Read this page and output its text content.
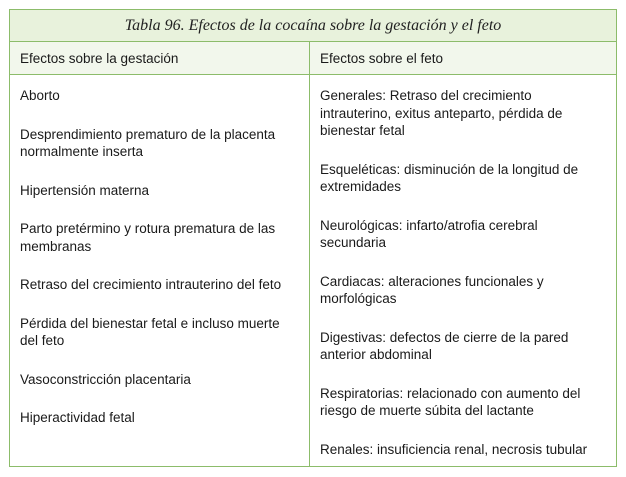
Tabla 96. Efectos de la cocaína sobre la gestación y el feto
Efectos sobre la gestación	Efectos sobre el feto

Aborto

Desprendimiento prematuro de la placenta normalmente inserta

Hipertensión materna

Parto pretérmino y rotura prematura de las membranas

Retraso del crecimiento intrauterino del feto

Pérdida del bienestar fetal e incluso muerte del feto

Vasoconstricción placentaria

Hiperactividad fetal

Generales: Retraso del crecimiento intrauterino, exitus anteparto, pérdida de bienestar fetal

Esqueléticas: disminución de la longitud de extremidades

Neurológicas: infarto/atrofia cerebral secundaria

Cardiacas: alteraciones funcionales y morfológicas

Digestivas: defectos de cierre de la pared anterior abdominal

Respiratorias: relacionado con aumento del riesgo de muerte súbita del lactante

Renales: insuficiencia renal, necrosis tubular
